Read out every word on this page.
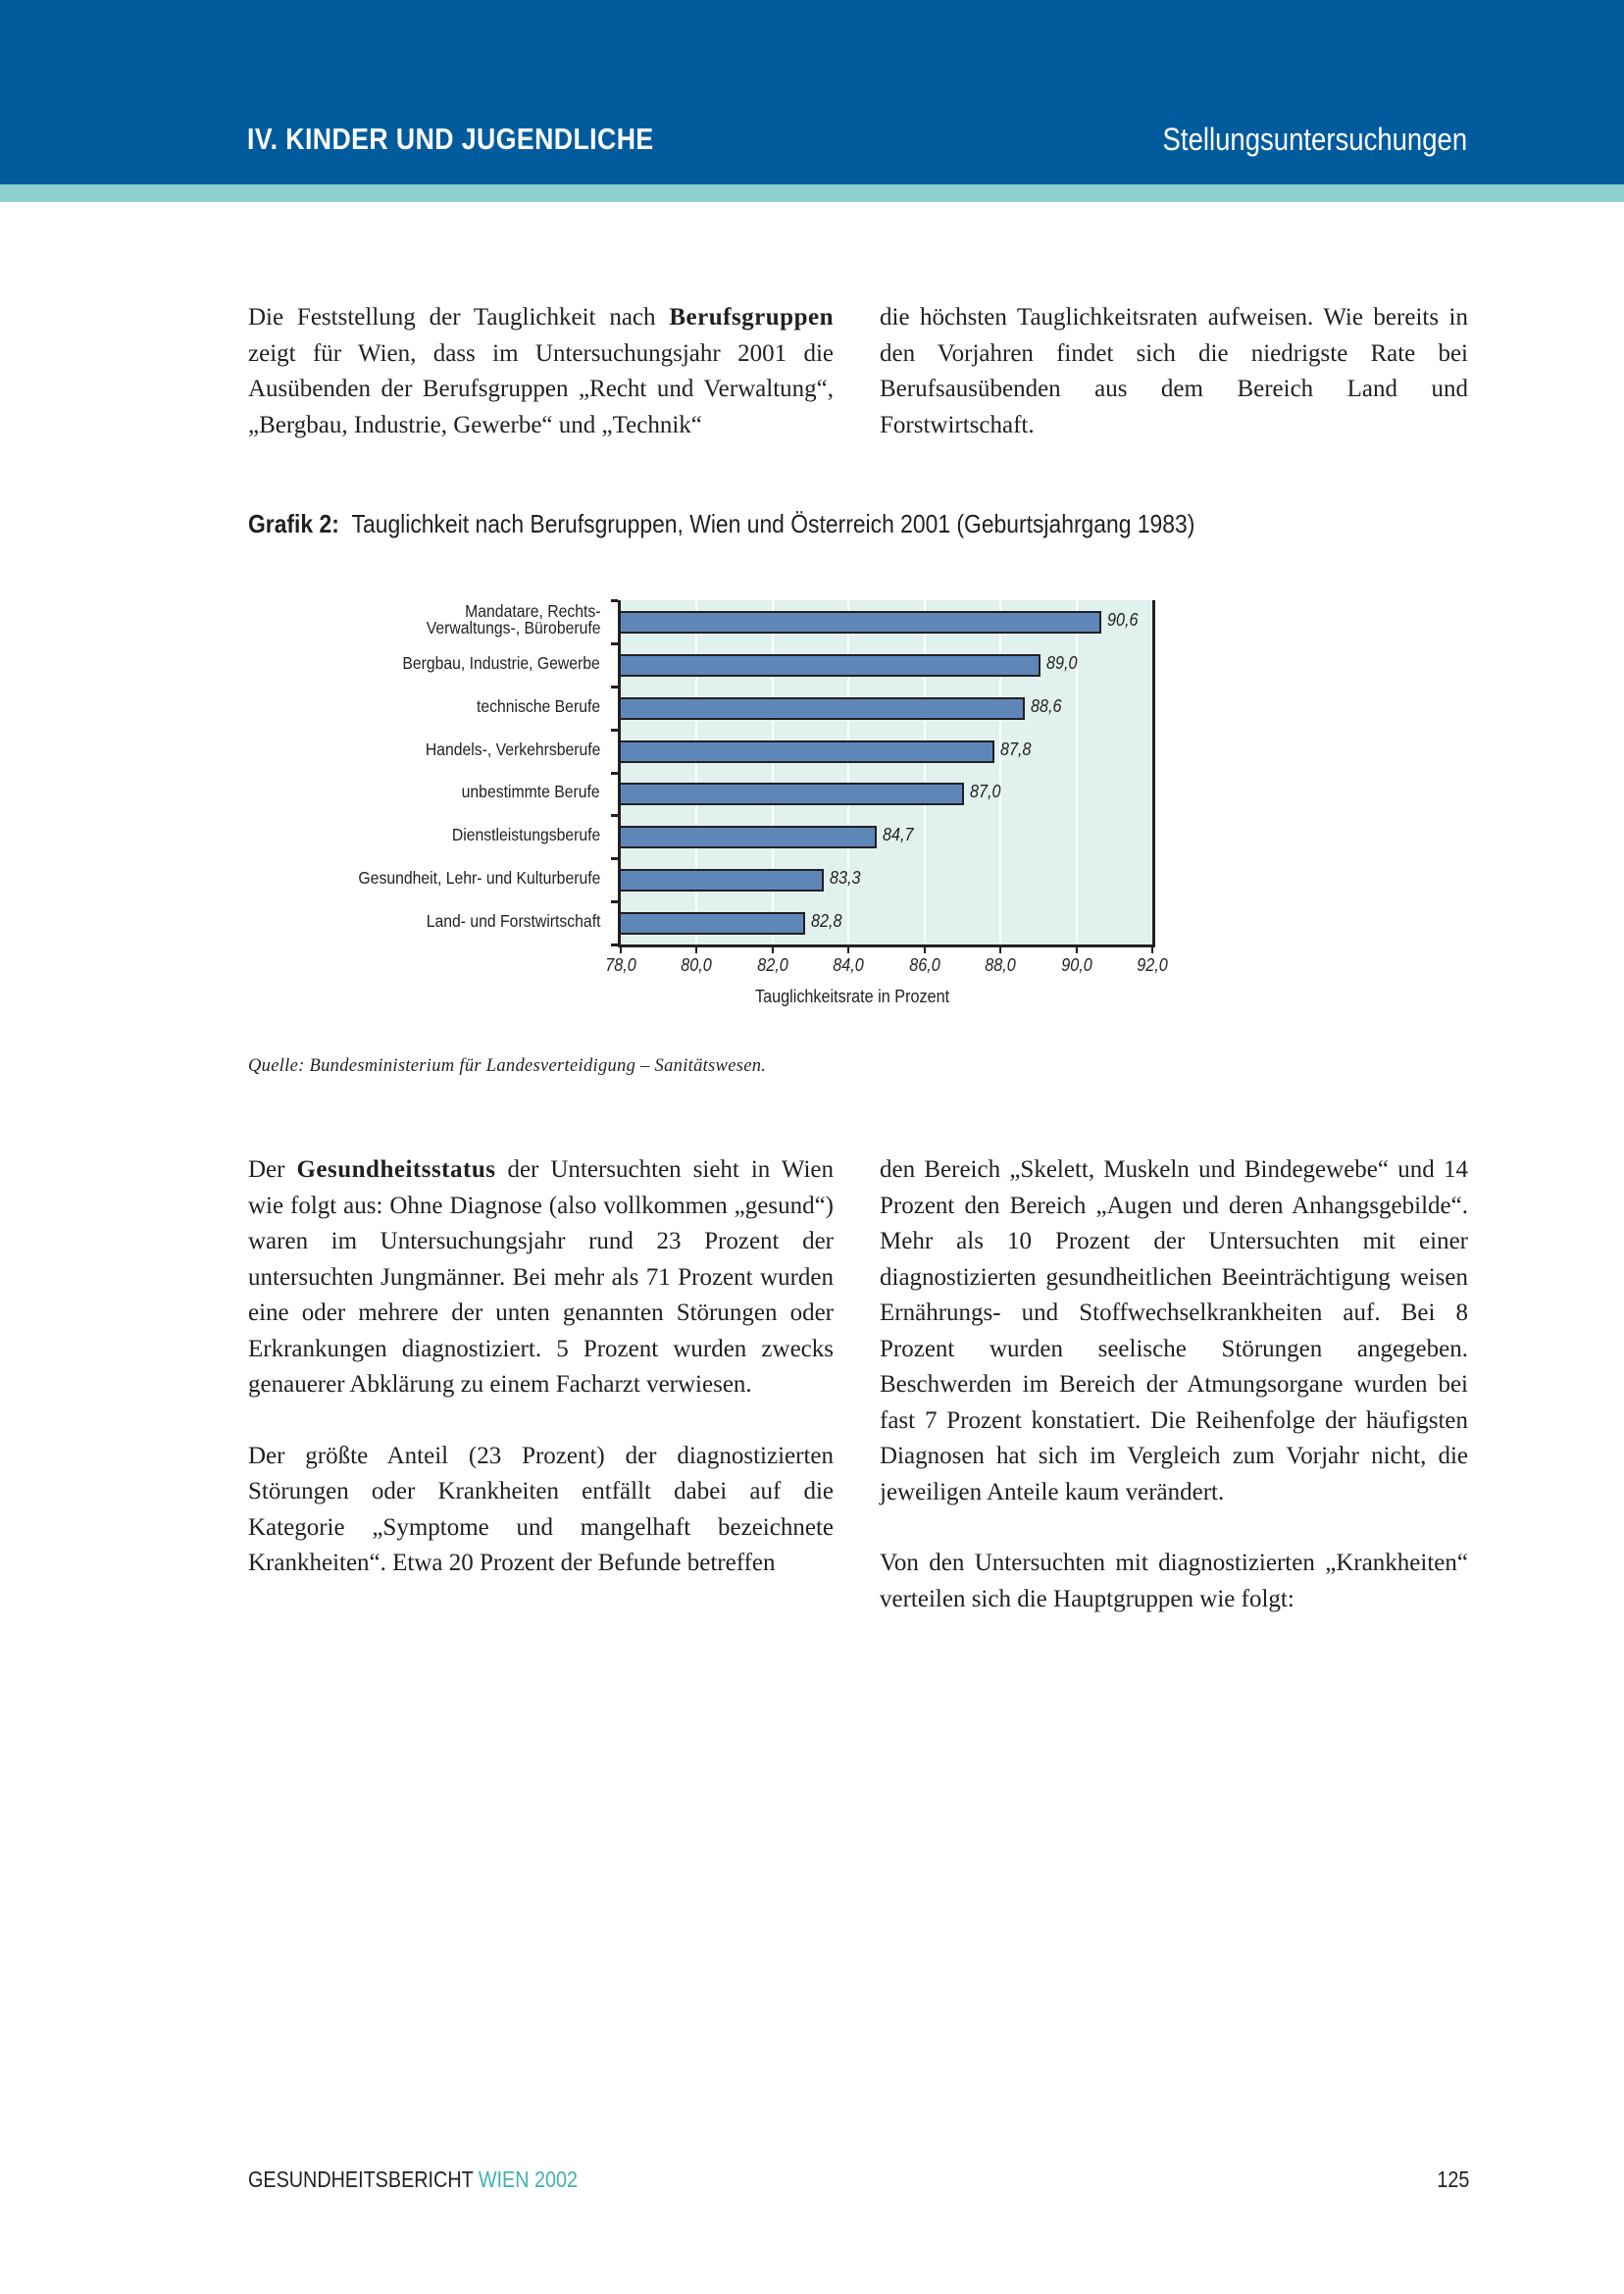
IV. KINDER UND JUGENDLICHE	Stellungsuntersuchungen

Die Feststellung der Tauglichkeit nach Berufsgruppen zeigt für Wien, dass im Untersuchungsjahr 2001 die Ausübenden der Berufsgruppen „Recht und Verwaltung“, „Bergbau, Industrie, Gewerbe“ und „Technik“

die höchsten Tauglichkeitsraten aufweisen. Wie bereits in den Vorjahren findet sich die niedrigste Rate bei Berufsausübenden aus dem Bereich Land und Forstwirtschaft.

Grafik 2: Tauglichkeit nach Berufsgruppen, Wien und Österreich 2001 (Geburtsjahrgang 1983)
Tauglichkeitsrate in Prozent
78,0	80,0	82,0	84,0	86,0	88,0	90,0	92,0
90,6
Mandatare, Rechts-
Verwaltungs-, Büroberufe
89,0
Bergbau, Industrie, Gewerbe
88,6
technische Berufe
87,8
Handels-, Verkehrsberufe
87,0
unbestimmte Berufe
84,7
Dienstleistungsberufe
83,3
Gesundheit, Lehr- und Kulturberufe
82,8
Land- und Forstwirtschaft
Quelle: Bundesministerium für Landesverteidigung – Sanitätswesen.

Der Gesundheitsstatus der Untersuchten sieht in Wien wie folgt aus: Ohne Diagnose (also vollkommen „gesund“) waren im Untersuchungsjahr rund 23 Prozent der untersuchten Jungmänner. Bei mehr als 71 Prozent wurden eine oder mehrere der unten genannten Störungen oder Erkrankungen diagnostiziert. 5 Prozent wurden zwecks genauerer Abklärung zu einem Facharzt verwiesen.

Der größte Anteil (23 Prozent) der diagnostizierten Störungen oder Krankheiten entfällt dabei auf die Kategorie „Symptome und mangelhaft bezeichnete Krankheiten“. Etwa 20 Prozent der Befunde betreffen

den Bereich „Skelett, Muskeln und Bindegewebe“ und 14 Prozent den Bereich „Augen und deren Anhangsgebilde“. Mehr als 10 Prozent der Untersuchten mit einer diagnostizierten gesundheitlichen Beeinträchtigung weisen Ernährungs- und Stoffwechselkrankheiten auf. Bei 8 Prozent wurden seelische Störungen angegeben. Beschwerden im Bereich der Atmungsorgane wurden bei fast 7 Prozent konstatiert. Die Reihenfolge der häufigsten Diagnosen hat sich im Vergleich zum Vorjahr nicht, die jeweiligen Anteile kaum verändert.

Von den Untersuchten mit diagnostizierten „Krankheiten“ verteilen sich die Hauptgruppen wie folgt:

GESUNDHEITSBERICHT WIEN 2002	125
